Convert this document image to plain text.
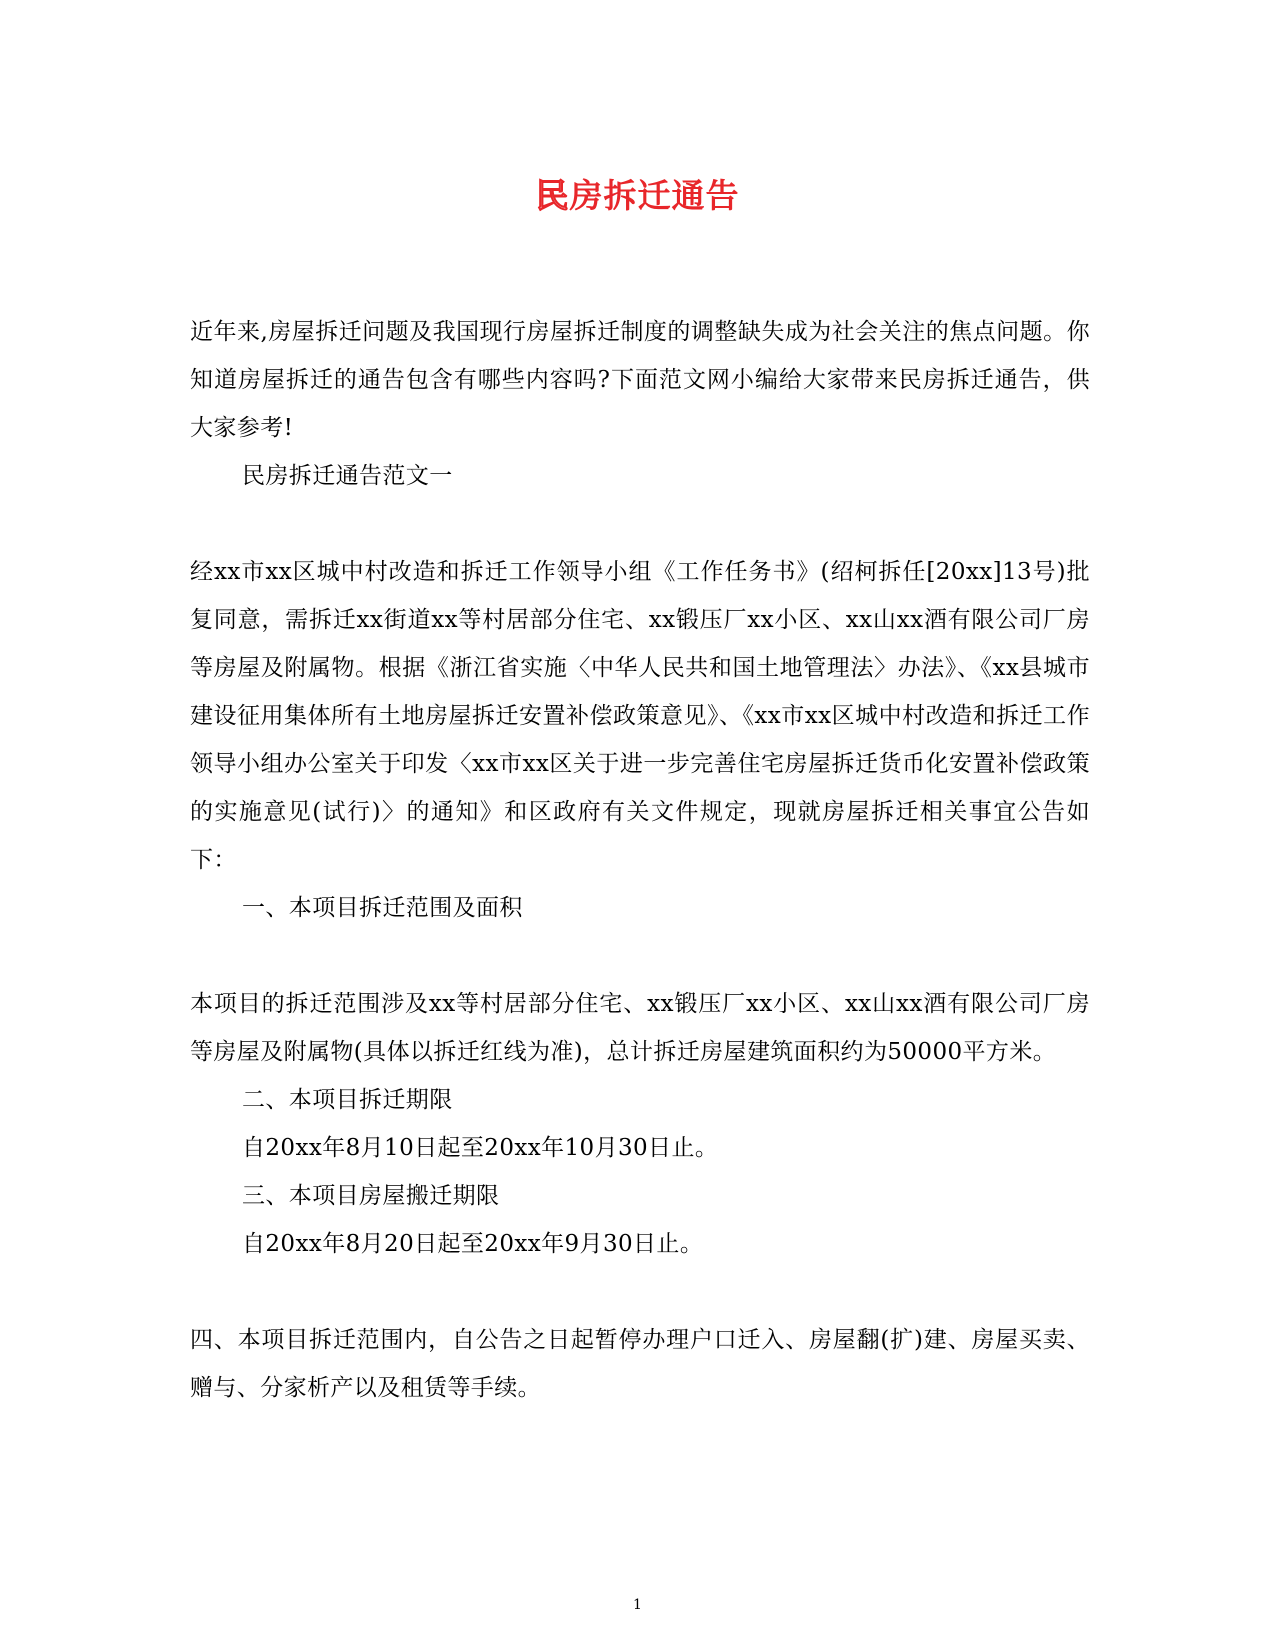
民房拆迁通告

近年来,房屋拆迁问题及我国现行房屋拆迁制度的调整缺失成为社会关注的焦点问题。你知道房屋拆迁的通告包含有哪些内容吗?下面范文网小编给大家带来民房拆迁通告，供大家参考!

民房拆迁通告范文一

经xx市xx区城中村改造和拆迁工作领导小组《工作任务书》(绍柯拆任[20xx]13号)批复同意，需拆迁xx街道xx等村居部分住宅、xx锻压厂xx小区、xx山xx酒有限公司厂房等房屋及附属物。根据《浙江省实施〈中华人民共和国土地管理法〉办法》、《xx县城市建设征用集体所有土地房屋拆迁安置补偿政策意见》、《xx市xx区城中村改造和拆迁工作领导小组办公室关于印发〈xx市xx区关于进一步完善住宅房屋拆迁货币化安置补偿政策的实施意见(试行)〉的通知》和区政府有关文件规定，现就房屋拆迁相关事宜公告如下：

一、本项目拆迁范围及面积

本项目的拆迁范围涉及xx等村居部分住宅、xx锻压厂xx小区、xx山xx酒有限公司厂房等房屋及附属物(具体以拆迁红线为准)，总计拆迁房屋建筑面积约为50000平方米。

二、本项目拆迁期限

自20xx年8月10日起至20xx年10月30日止。

三、本项目房屋搬迁期限

自20xx年8月20日起至20xx年9月30日止。

四、本项目拆迁范围内，自公告之日起暂停办理户口迁入、房屋翻(扩)建、房屋买卖、赠与、分家析产以及租赁等手续。

1
